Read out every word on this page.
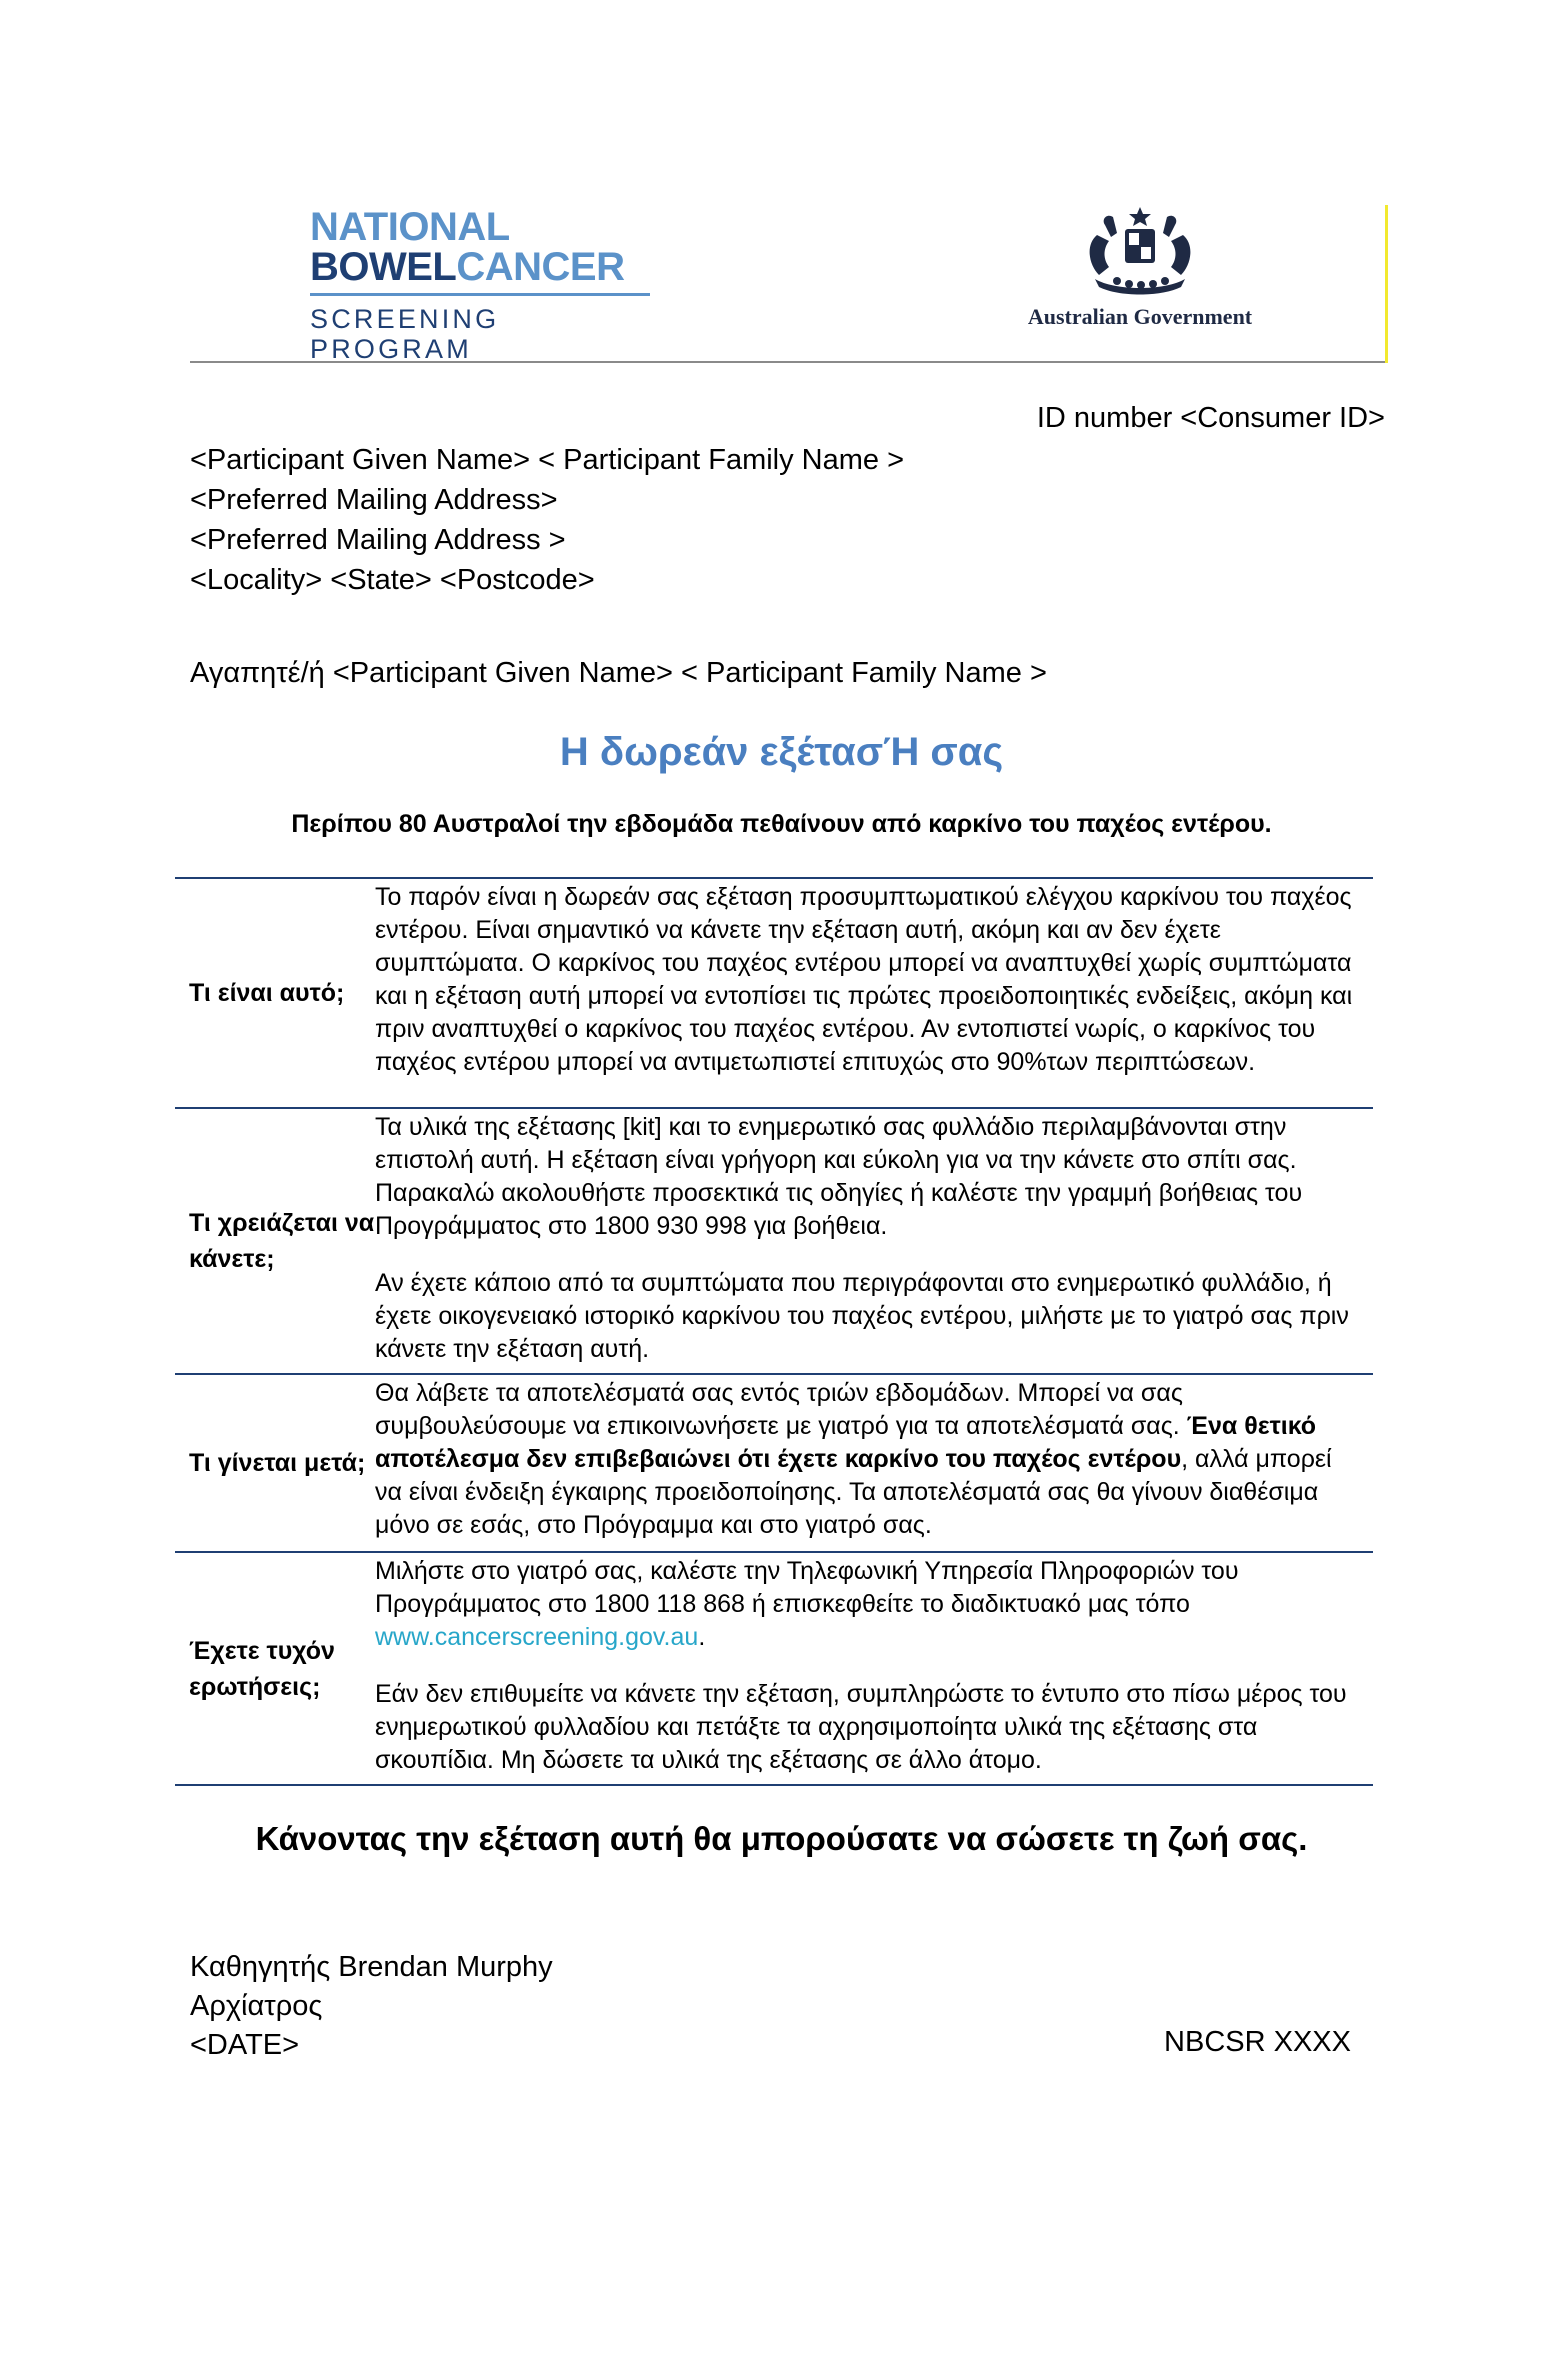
NATIONAL
BOWELCANCER
SCREENING PROGRAM
Australian Government
ID number <Consumer ID>
<Participant Given Name> < Participant Family Name >
<Preferred Mailing Address>
<Preferred Mailing Address >
<Locality> <State> <Postcode>
Αγαπητέ/ή <Participant Given Name> < Participant Family Name >
Η δωρεάν εξέτασΉ σας
Περίπου 80 Αυστραλοί την εβδομάδα πεθαίνουν από καρκίνο του παχέος εντέρου.
Τι είναι αυτό;

Το παρόν είναι η δωρεάν σας εξέταση προσυμπτωματικού ελέγχου καρκίνου του παχέος εντέρου. Είναι σημαντικό να κάνετε την εξέταση αυτή, ακόμη και αν δεν έχετε συμπτώματα. Ο καρκίνος του παχέος εντέρου μπορεί να αναπτυχθεί χωρίς συμπτώματα και η εξέταση αυτή μπορεί να εντοπίσει τις πρώτες προειδοποιητικές ενδείξεις, ακόμη και πριν αναπτυχθεί ο καρκίνος του παχέος εντέρου. Αν εντοπιστεί νωρίς, ο καρκίνος του παχέος εντέρου μπορεί να αντιμετωπιστεί επιτυχώς στο 90%των περιπτώσεων.

Τι χρειάζεται να κάνετε;

Τα υλικά της εξέτασης [kit] και το ενημερωτικό σας φυλλάδιο περιλαμβάνονται στην επιστολή αυτή. Η εξέταση είναι γρήγορη και εύκολη για να την κάνετε στο σπίτι σας. Παρακαλώ ακολουθήστε προσεκτικά τις οδηγίες ή καλέστε την γραμμή βοήθειας του Προγράμματος στο 1800 930 998 για βοήθεια.

Αν έχετε κάποιο από τα συμπτώματα που περιγράφονται στο ενημερωτικό φυλλάδιο, ή έχετε οικογενειακό ιστορικό καρκίνου του παχέος εντέρου, μιλήστε με το γιατρό σας πριν κάνετε την εξέταση αυτή.

Τι γίνεται μετά;

Θα λάβετε τα αποτελέσματά σας εντός τριών εβδομάδων. Μπορεί να σας συμβουλεύσουμε να επικοινωνήσετε με γιατρό για τα αποτελέσματά σας. Ένα θετικό αποτέλεσμα δεν επιβεβαιώνει ότι έχετε καρκίνο του παχέος εντέρου, αλλά μπορεί να είναι ένδειξη έγκαιρης προειδοποίησης. Τα αποτελέσματά σας θα γίνουν διαθέσιμα μόνο σε εσάς, στο Πρόγραμμα και στο γιατρό σας.

Έχετε τυχόν ερωτήσεις;

Μιλήστε στο γιατρό σας, καλέστε την Τηλεφωνική Υπηρεσία Πληροφοριών του Προγράμματος στο 1800 118 868 ή επισκεφθείτε το διαδικτυακό μας τόπο www.cancerscreening.gov.au.

Εάν δεν επιθυμείτε να κάνετε την εξέταση, συμπληρώστε το έντυπο στο πίσω μέρος του ενημερωτικού φυλλαδίου και πετάξτε τα αχρησιμοποίητα υλικά της εξέτασης στα σκουπίδια. Μη δώσετε τα υλικά της εξέτασης σε άλλο άτομο.

Κάνοντας την εξέταση αυτή θα μπορούσατε να σώσετε τη ζωή σας.
Καθηγητής Brendan Murphy
Αρχίατρος
<DATE>	NBCSR XXXX
